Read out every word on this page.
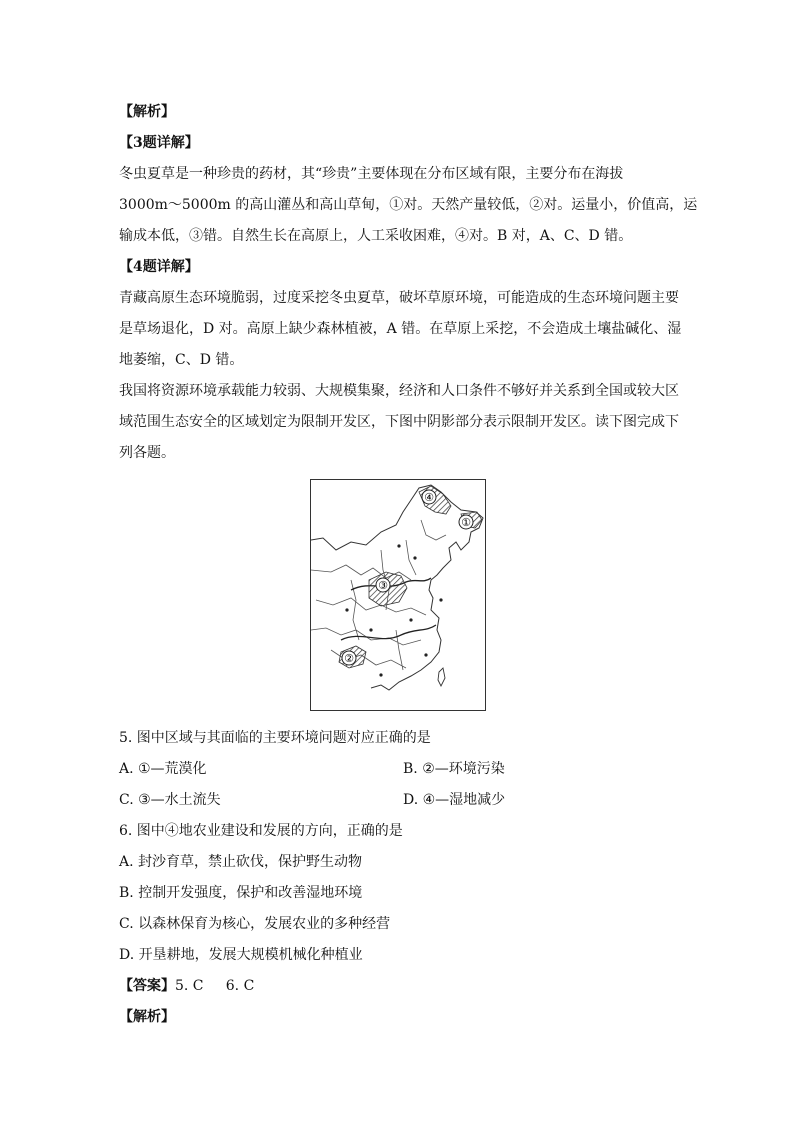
【解析】
【3题详解】
冬虫夏草是一种珍贵的药材，其“珍贵”主要体现在分布区域有限，主要分布在海拔
3000m～5000m 的高山灌丛和高山草甸，①对。天然产量较低，②对。运量小，价值高，运
输成本低，③错。自然生长在高原上，人工采收困难，④对。B 对，A、C、D 错。
【4题详解】
青藏高原生态环境脆弱，过度采挖冬虫夏草，破坏草原环境，可能造成的生态环境问题主要
是草场退化，D 对。高原上缺少森林植被，A 错。在草原上采挖，不会造成土壤盐碱化、湿
地萎缩，C、D 错。
我国将资源环境承载能力较弱、大规模集聚，经济和人口条件不够好并关系到全国或较大区
域范围生态安全的区域划定为限制开发区，下图中阴影部分表示限制开发区。读下图完成下
列各题。
④
①
③
②
5. 图中区域与其面临的主要环境问题对应正确的是
A. ①—荒漠化	B. ②—环境污染
C. ③—水土流失	D. ④—湿地减少
6. 图中④地农业建设和发展的方向，正确的是
A. 封沙育草，禁止砍伐，保护野生动物
B. 控制开发强度，保护和改善湿地环境
C. 以森林保育为核心，发展农业的多种经营
D. 开垦耕地，发展大规模机械化种植业
【答案】5. C     6. C
【解析】
